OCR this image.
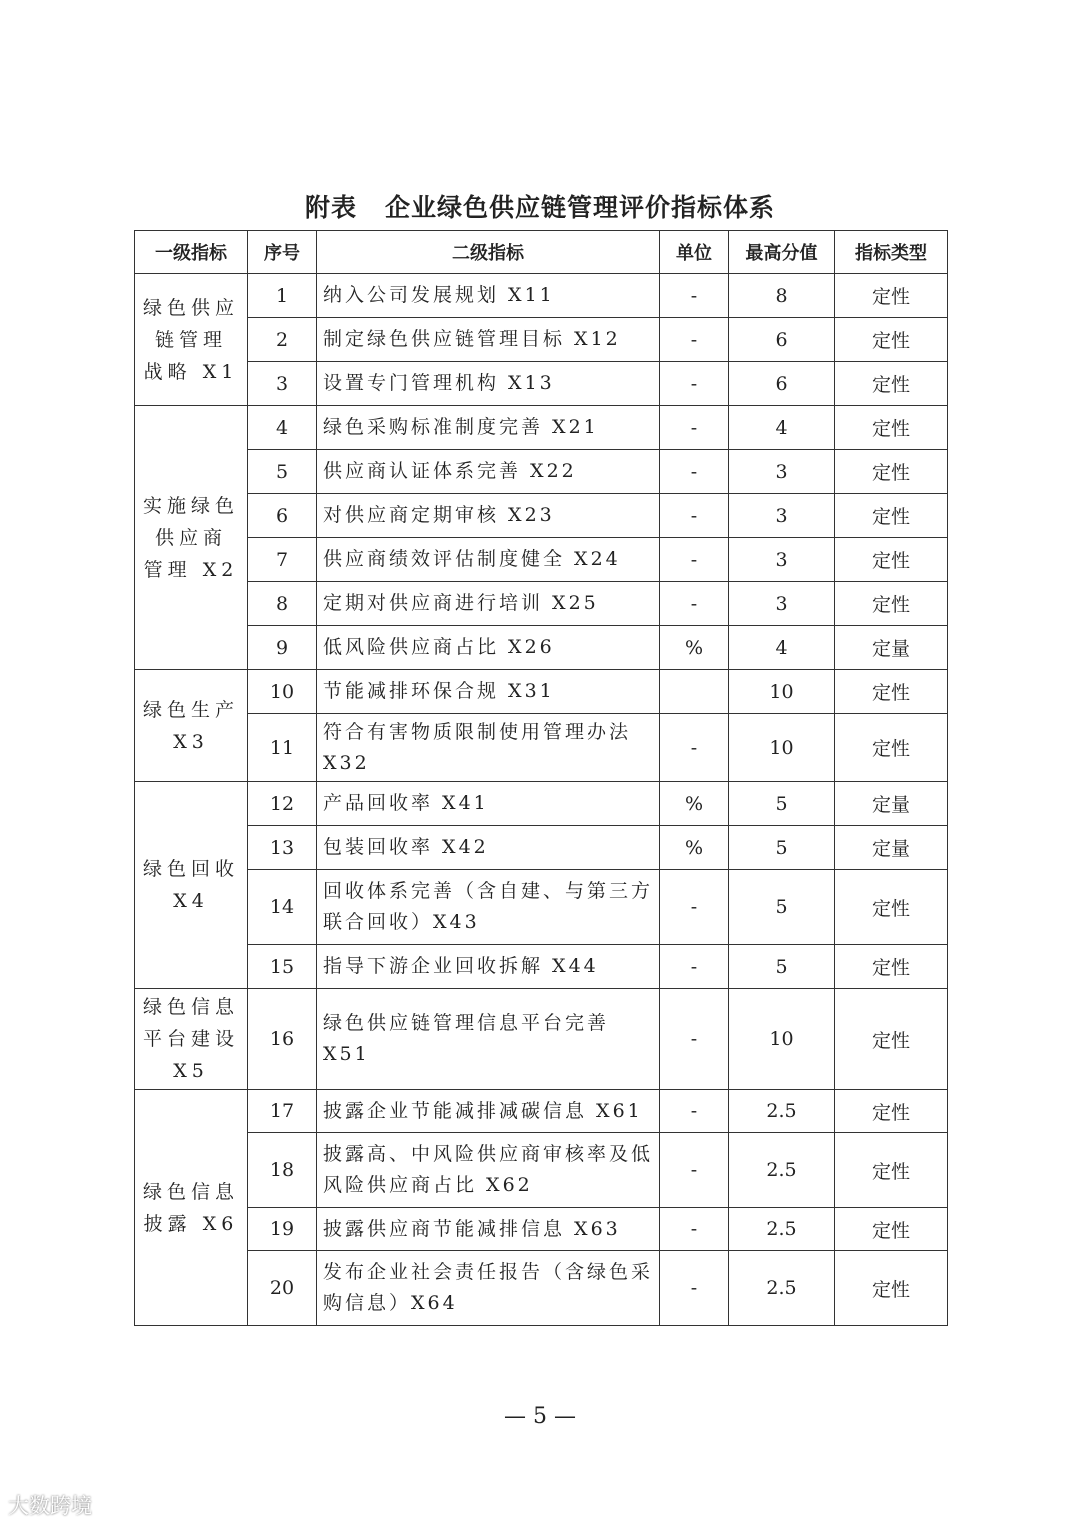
附表 企业绿色供应链管理评价指标体系
一级指标	序号	二级指标	单位	最高分值	指标类型
绿色供应
链管理
战略 X1	1	纳入公司发展规划 X11	-	8	定性
	2	制定绿色供应链管理目标 X12	-	6	定性
	3	设置专门管理机构 X13	-	6	定性
实施绿色
供应商
管理 X2	4	绿色采购标准制度完善 X21	-	4	定性
	5	供应商认证体系完善 X22	-	3	定性
	6	对供应商定期审核 X23	-	3	定性
	7	供应商绩效评估制度健全 X24	-	3	定性
	8	定期对供应商进行培训 X25	-	3	定性
	9	低风险供应商占比 X26	%	4	定量
绿色生产
X3	10	节能减排环保合规 X31		10	定性
	11	符合有害物质限制使用管理办法 X32	-	10	定性
绿色回收
X4	12	产品回收率 X41	%	5	定量
	13	包装回收率 X42	%	5	定量
	14	回收体系完善（含自建、与第三方联合回收）X43	-	5	定性
	15	指导下游企业回收拆解 X44	-	5	定性
绿色信息
平台建设
X5	16	绿色供应链管理信息平台完善 X51	-	10	定性
绿色信息
披露 X6	17	披露企业节能减排减碳信息 X61	-	2.5	定性
	18	披露高、中风险供应商审核率及低风险供应商占比 X62	-	2.5	定性
	19	披露供应商节能减排信息 X63	-	2.5	定性
	20	发布企业社会责任报告（含绿色采购信息）X64	-	2.5	定性
— 5 —
大数跨境
